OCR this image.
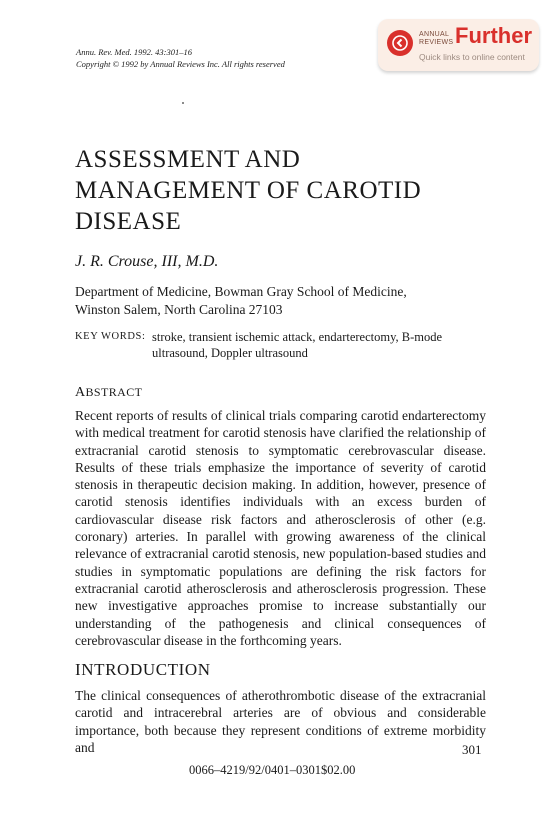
Annu. Rev. Med. 1992. 43:301–16
Copyright © 1992 by Annual Reviews Inc. All rights reserved
ANNUAL
REVIEWS Further
Quick links to online content
ASSESSMENT AND
MANAGEMENT OF CAROTID
DISEASE
J. R. Crouse, III, M.D.
Department of Medicine, Bowman Gray School of Medicine,
Winston Salem, North Carolina 27103
KEY WORDS: stroke, transient ischemic attack, endarterectomy, B-mode ultrasound, Doppler ultrasound
ABSTRACT
Recent reports of results of clinical trials comparing carotid endarterectomy with medical treatment for carotid stenosis have clarified the relationship of extracranial carotid stenosis to symptomatic cerebrovascular disease. Results of these trials emphasize the importance of severity of carotid stenosis in therapeutic decision making. In addition, however, presence of carotid stenosis identifies individuals with an excess burden of cardiovascular disease risk factors and atherosclerosis of other (e.g. coronary) arteries. In parallel with growing awareness of the clinical relevance of extracranial carotid stenosis, new population-based studies and studies in symptomatic populations are defining the risk factors for extracranial carotid atherosclerosis and atherosclerosis progression. These new investigative approaches promise to increase substantially our understanding of the pathogenesis and clinical consequences of cerebrovascular disease in the forthcoming years.
INTRODUCTION
The clinical consequences of atherothrombotic disease of the extracranial carotid and intracerebral arteries are of obvious and considerable importance, both because they represent conditions of extreme morbidity and	301
0066–4219/92/0401–0301$02.00
